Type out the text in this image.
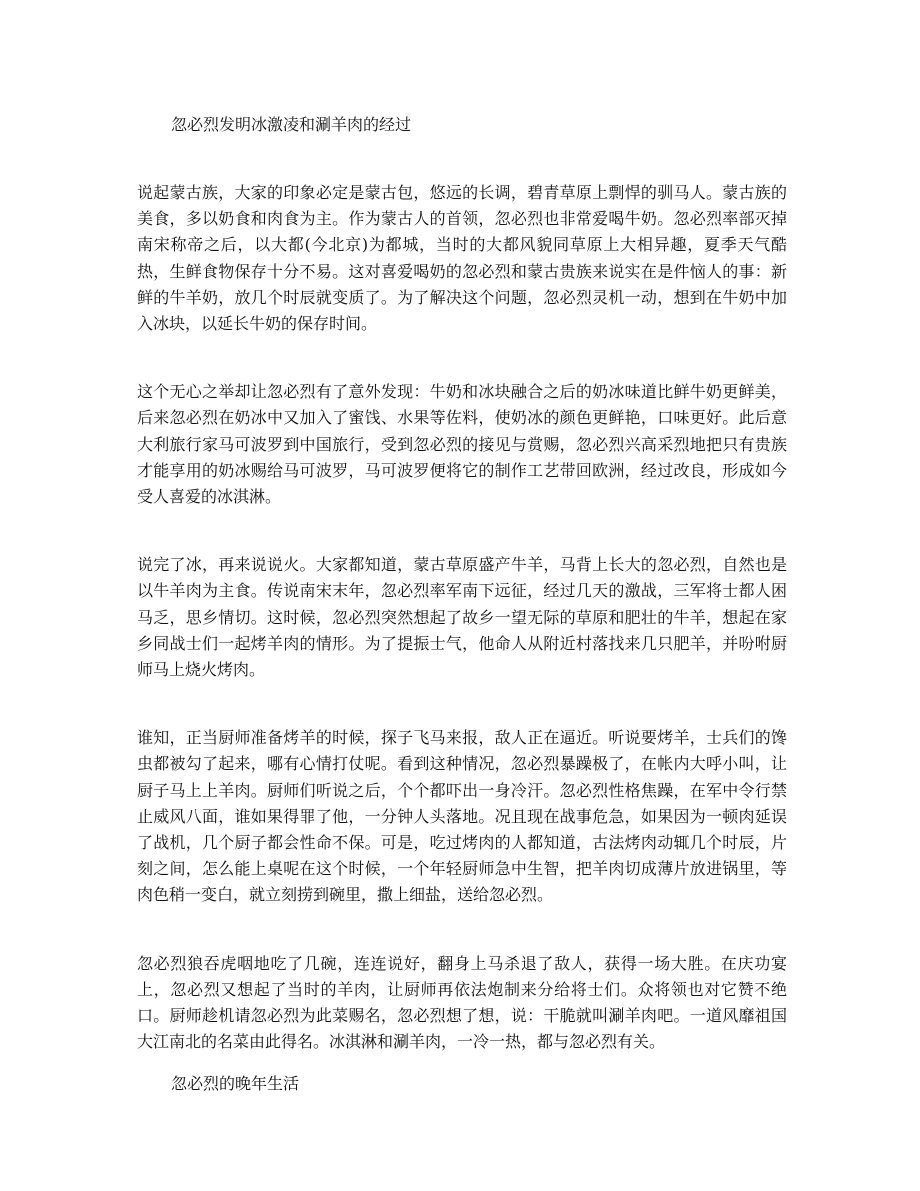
忽必烈发明冰激凌和涮羊肉的经过

说起蒙古族，大家的印象必定是蒙古包，悠远的长调，碧青草原上剽悍的驯马人。蒙古族的美食，多以奶食和肉食为主。作为蒙古人的首领，忽必烈也非常爱喝牛奶。忽必烈率部灭掉南宋称帝之后，以大都(今北京)为都城，当时的大都风貌同草原上大相异趣，夏季天气酷热，生鲜食物保存十分不易。这对喜爱喝奶的忽必烈和蒙古贵族来说实在是件恼人的事：新鲜的牛羊奶，放几个时辰就变质了。为了解决这个问题，忽必烈灵机一动，想到在牛奶中加入冰块，以延长牛奶的保存时间。

这个无心之举却让忽必烈有了意外发现：牛奶和冰块融合之后的奶冰味道比鲜牛奶更鲜美，后来忽必烈在奶冰中又加入了蜜饯、水果等佐料，使奶冰的颜色更鲜艳，口味更好。此后意大利旅行家马可波罗到中国旅行，受到忽必烈的接见与赏赐，忽必烈兴高采烈地把只有贵族才能享用的奶冰赐给马可波罗，马可波罗便将它的制作工艺带回欧洲，经过改良，形成如今受人喜爱的冰淇淋。

说完了冰，再来说说火。大家都知道，蒙古草原盛产牛羊，马背上长大的忽必烈，自然也是以牛羊肉为主食。传说南宋末年，忽必烈率军南下远征，经过几天的激战，三军将士都人困马乏，思乡情切。这时候，忽必烈突然想起了故乡一望无际的草原和肥壮的牛羊，想起在家乡同战士们一起烤羊肉的情形。为了提振士气，他命人从附近村落找来几只肥羊，并吩咐厨师马上烧火烤肉。

谁知，正当厨师准备烤羊的时候，探子飞马来报，敌人正在逼近。听说要烤羊，士兵们的馋虫都被勾了起来，哪有心情打仗呢。看到这种情况，忽必烈暴躁极了，在帐内大呼小叫，让厨子马上上羊肉。厨师们听说之后，个个都吓出一身冷汗。忽必烈性格焦躁，在军中令行禁止威风八面，谁如果得罪了他，一分钟人头落地。况且现在战事危急，如果因为一顿肉延误了战机，几个厨子都会性命不保。可是，吃过烤肉的人都知道，古法烤肉动辄几个时辰，片刻之间，怎么能上桌呢在这个时候，一个年轻厨师急中生智，把羊肉切成薄片放进锅里，等肉色稍一变白，就立刻捞到碗里，撒上细盐，送给忽必烈。

忽必烈狼吞虎咽地吃了几碗，连连说好，翻身上马杀退了敌人，获得一场大胜。在庆功宴上，忽必烈又想起了当时的羊肉，让厨师再依法炮制来分给将士们。众将领也对它赞不绝口。厨师趁机请忽必烈为此菜赐名，忽必烈想了想，说：干脆就叫涮羊肉吧。一道风靡祖国大江南北的名菜由此得名。冰淇淋和涮羊肉，一冷一热，都与忽必烈有关。

忽必烈的晚年生活
